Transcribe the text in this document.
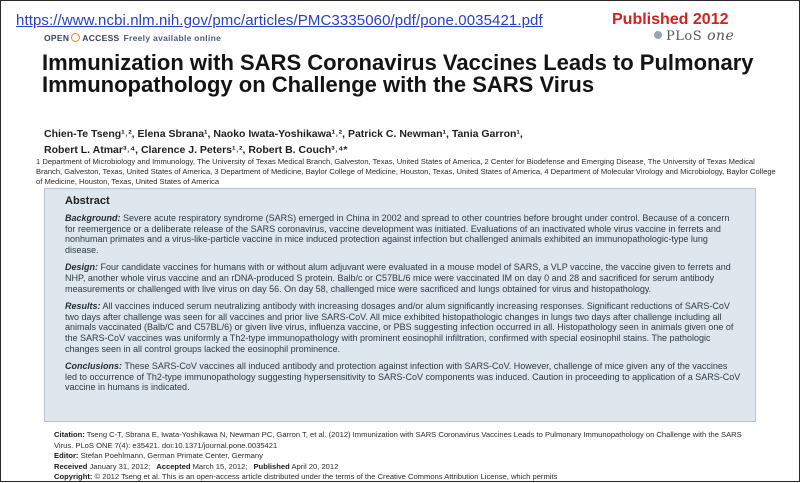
https://www.ncbi.nlm.nih.gov/pmc/articles/PMC3335060/pdf/pone.0035421.pdf	Published 2012
PLoS one
OPEN ACCESS Freely available online
Immunization with SARS Coronavirus Vaccines Leads to Pulmonary Immunopathology on Challenge with the SARS Virus
Chien-Te Tseng¹˒², Elena Sbrana¹, Naoko Iwata-Yoshikawa¹˒², Patrick C. Newman¹, Tania Garron¹,
Robert L. Atmar³˒⁴, Clarence J. Peters¹˒², Robert B. Couch³˒⁴*
1 Department of Microbiology and Immunology, The University of Texas Medical Branch, Galveston, Texas, United States of America, 2 Center for Biodefense and Emerging Disease, The University of Texas Medical Branch, Galveston, Texas, United States of America, 3 Department of Medicine, Baylor College of Medicine, Houston, Texas, United States of America, 4 Department of Molecular Virology and Microbiology, Baylor College of Medicine, Houston, Texas, United States of America
Abstract

Background: Severe acute respiratory syndrome (SARS) emerged in China in 2002 and spread to other countries before brought under control. Because of a concern for reemergence or a deliberate release of the SARS coronavirus, vaccine development was initiated. Evaluations of an inactivated whole virus vaccine in ferrets and nonhuman primates and a virus-like-particle vaccine in mice induced protection against infection but challenged animals exhibited an immunopathologic-type lung disease.

Design: Four candidate vaccines for humans with or without alum adjuvant were evaluated in a mouse model of SARS, a VLP vaccine, the vaccine given to ferrets and NHP, another whole virus vaccine and an rDNA-produced S protein. Balb/c or C57BL/6 mice were vaccinated IM on day 0 and 28 and sacrificed for serum antibody measurements or challenged with live virus on day 56. On day 58, challenged mice were sacrificed and lungs obtained for virus and histopathology.

Results: All vaccines induced serum neutralizing antibody with increasing dosages and/or alum significantly increasing responses. Significant reductions of SARS-CoV two days after challenge was seen for all vaccines and prior live SARS-CoV. All mice exhibited histopathologic changes in lungs two days after challenge including all animals vaccinated (Balb/C and C57BL/6) or given live virus, influenza vaccine, or PBS suggesting infection occurred in all. Histopathology seen in animals given one of the SARS-CoV vaccines was uniformly a Th2-type immunopathology with prominent eosinophil infiltration, confirmed with special eosinophil stains. The pathologic changes seen in all control groups lacked the eosinophil prominence.

Conclusions: These SARS-CoV vaccines all induced antibody and protection against infection with SARS-CoV. However, challenge of mice given any of the vaccines led to occurrence of Th2-type immunopathology suggesting hypersensitivity to SARS-CoV components was induced. Caution in proceeding to application of a SARS-CoV vaccine in humans is indicated.

Citation: Tseng C-T, Sbrana E, Iwata-Yoshikawa N, Newman PC, Garron T, et al. (2012) Immunization with SARS Coronavirus Vaccines Leads to Pulmonary Immunopathology on Challenge with the SARS Virus. PLoS ONE 7(4): e35421. doi:10.1371/journal.pone.0035421
Editor: Stefan Poehlmann, German Primate Center, Germany
Received January 31, 2012; Accepted March 15, 2012; Published April 20, 2012
Copyright: © 2012 Tseng et al. This is an open-access article distributed under the terms of the Creative Commons Attribution License, which permits
